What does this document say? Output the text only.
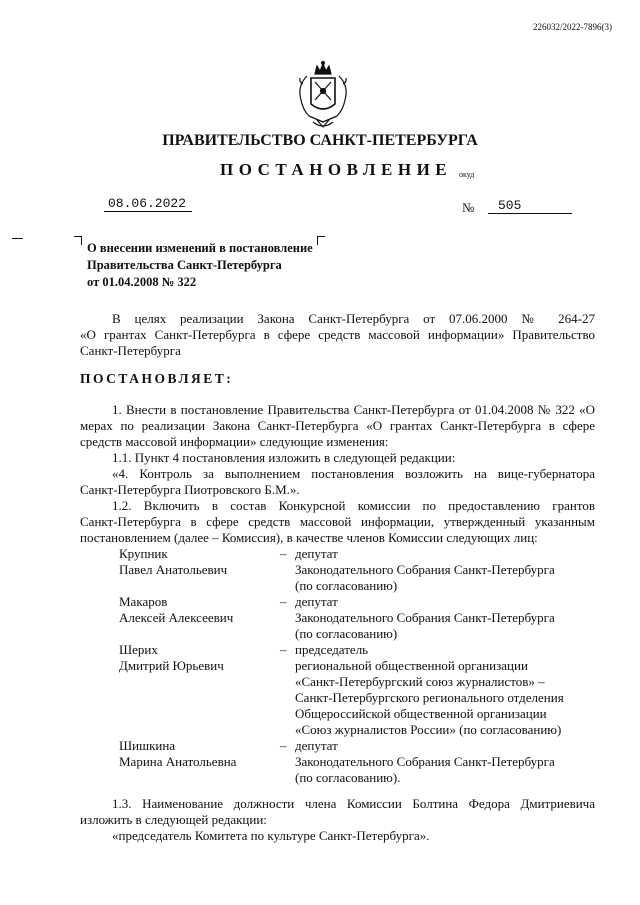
226032/2022-7896(3)
ПРАВИТЕЛЬСТВО САНКТ-ПЕТЕРБУРГА
ПОСТАНОВЛЕНИЕ окуд
08.06.2022	№	505
О внесении изменений в постановление
Правительства Санкт-Петербурга
от 01.04.2008 № 322
В целях реализации Закона Санкт-Петербурга от 07.06.2000 № 264-27
«О грантах Санкт-Петербурга в сфере средств массовой информации» Правительство Санкт-Петербурга
ПОСТАНОВЛЯЕТ:
1. Внести в постановление Правительства Санкт-Петербурга от 01.04.2008 № 322 «О мерах по реализации Закона Санкт-Петербурга «О грантах Санкт-Петербурга в сфере средств массовой информации» следующие изменения:
1.1. Пункт 4 постановления изложить в следующей редакции:
«4. Контроль за выполнением постановления возложить на вице-губернатора
Санкт-Петербурга Пиотровского Б.М.».
1.2. Включить в состав Конкурсной комиссии по предоставлению грантов
Санкт-Петербурга в сфере средств массовой информации, утвержденный указанным постановлением (далее – Комиссия), в качестве членов Комиссии следующих лиц:
Крупник
Павел Анатольевич
– депутат
Законодательного Собрания Санкт-Петербурга
(по согласованию)
Макаров
Алексей Алексеевич
– депутат
Законодательного Собрания Санкт-Петербурга
(по согласованию)
Шерих
Дмитрий Юрьевич
– председатель
региональной общественной организации
«Санкт-Петербургский союз журналистов» –
Санкт-Петербургского регионального отделения
Общероссийской общественной организации
«Союз журналистов России» (по согласованию)
Шишкина
Марина Анатольевна
– депутат
Законодательного Собрания Санкт-Петербурга
(по согласованию).
1.3. Наименование должности члена Комиссии Болтина Федора Дмитриевича
изложить в следующей редакции:
«председатель Комитета по культуре Санкт-Петербурга».
